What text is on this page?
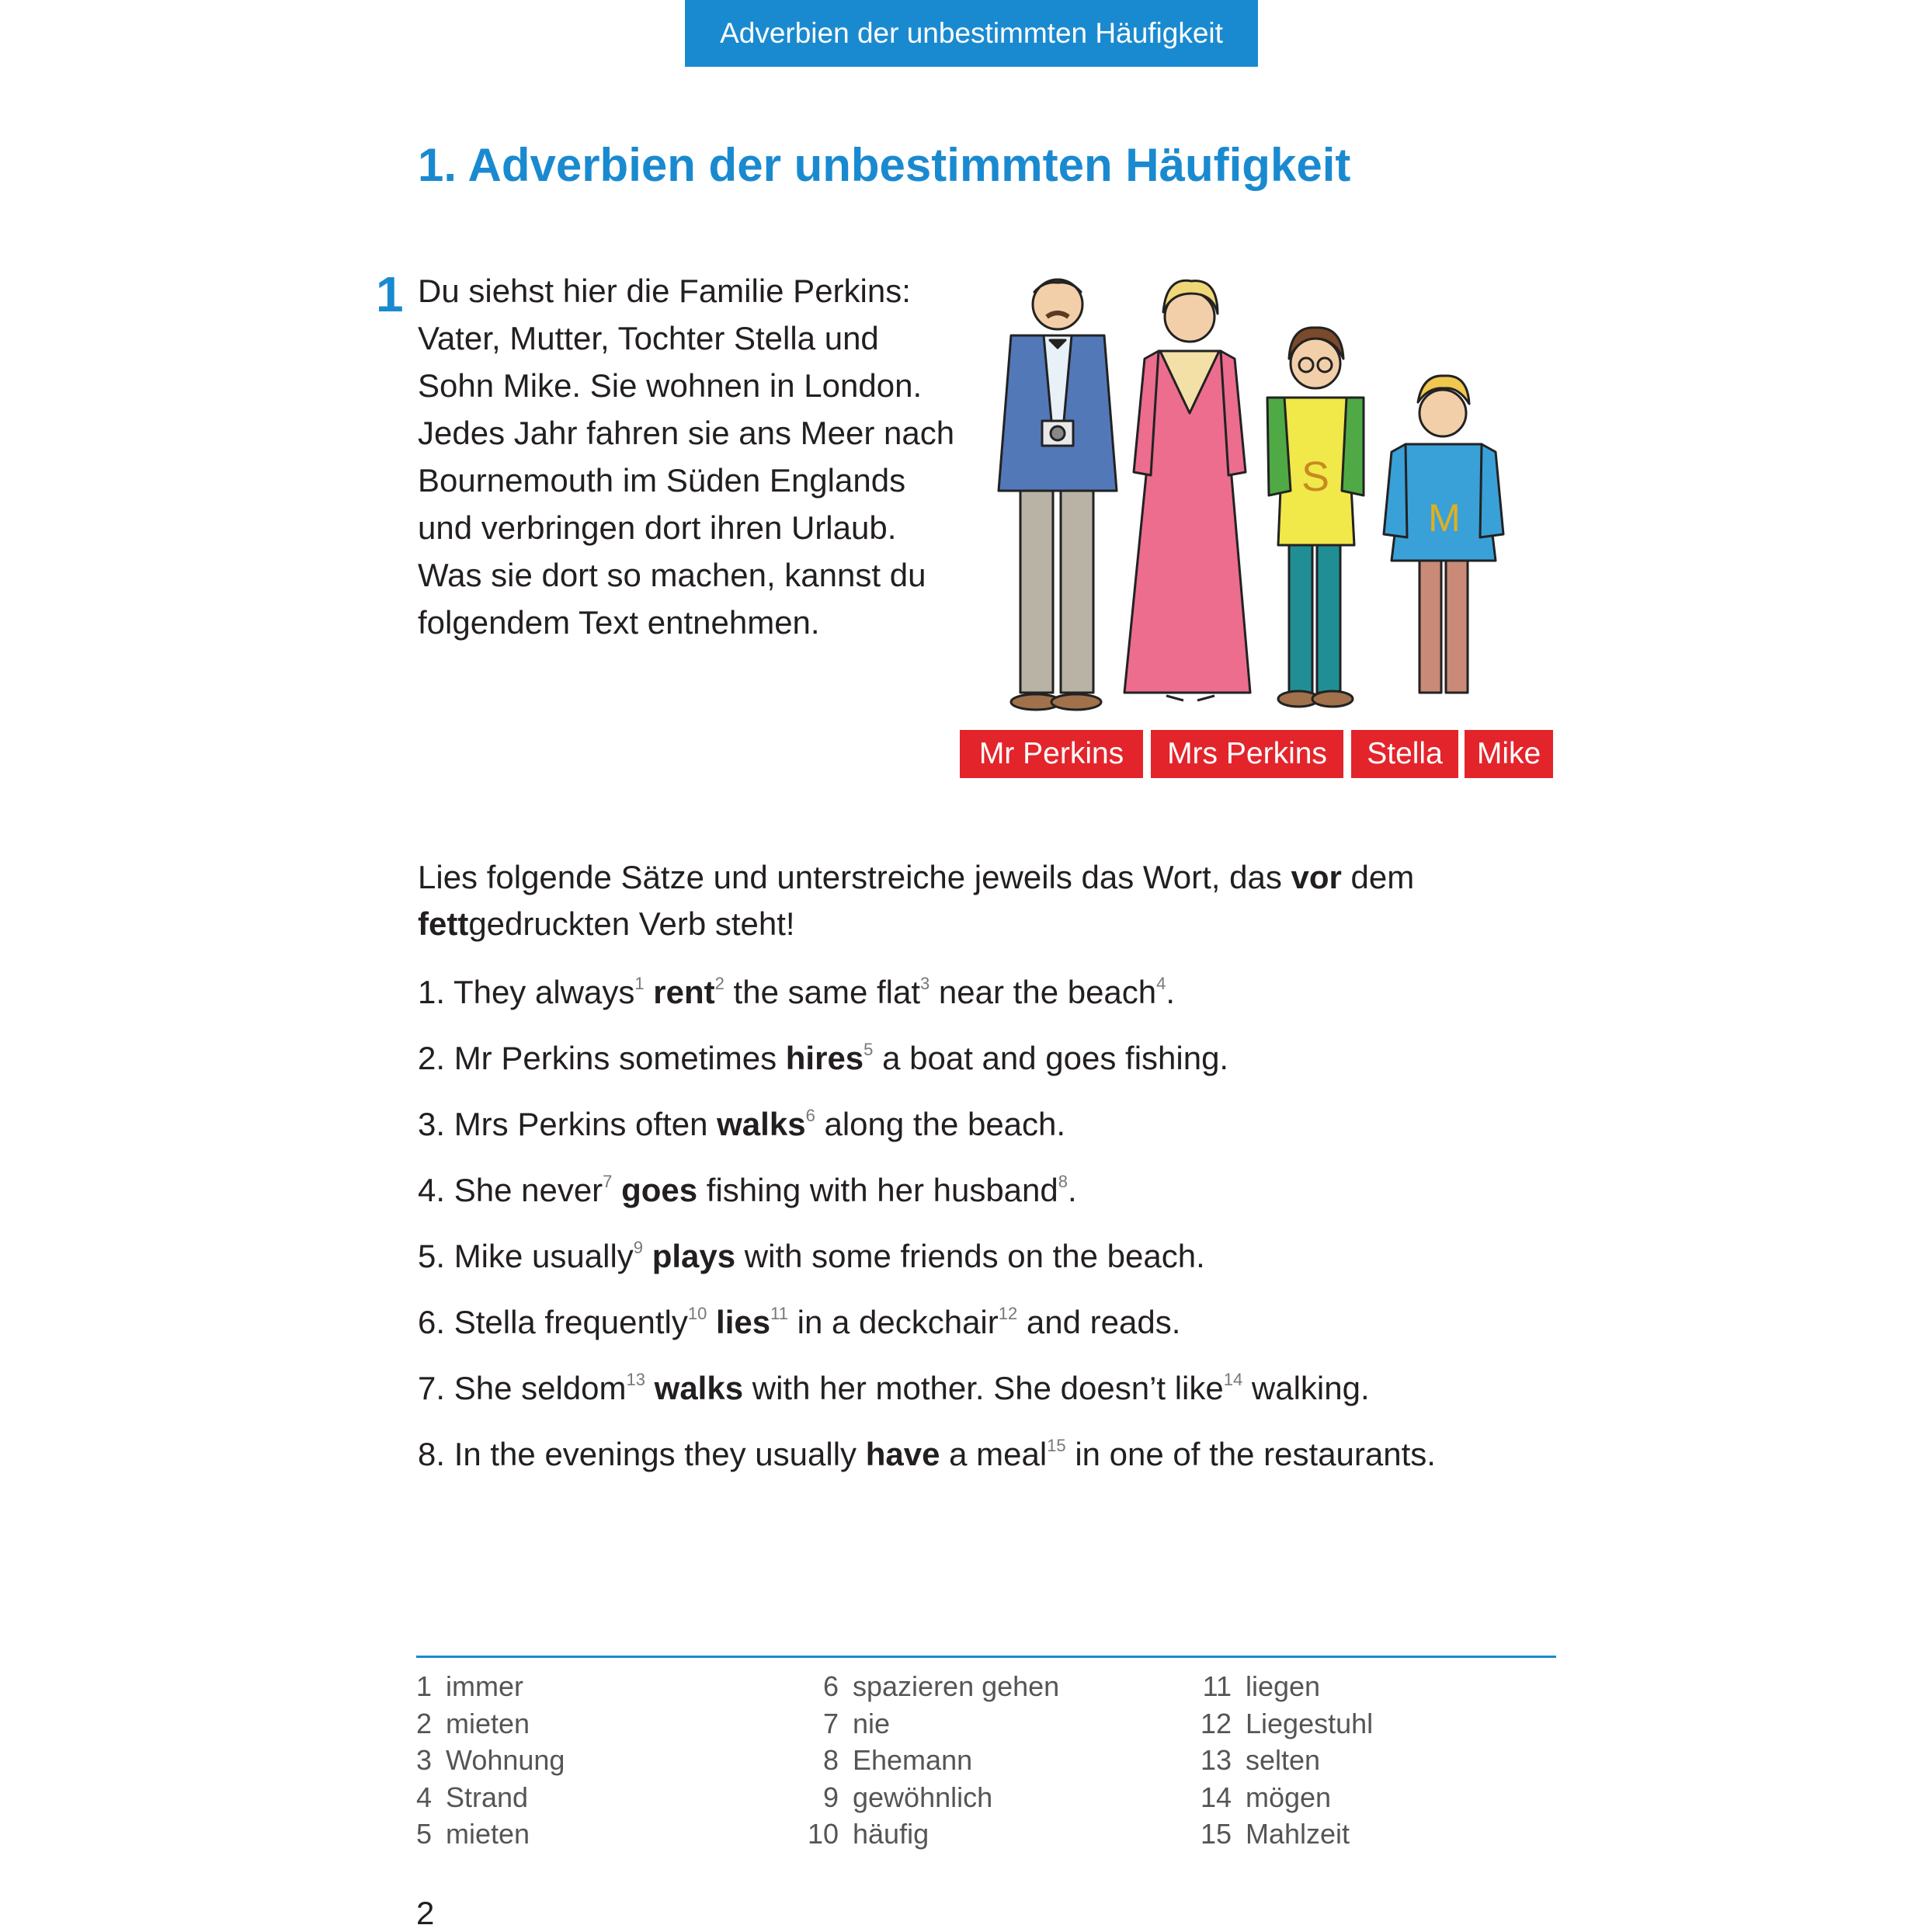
Adverbien der unbestimmten Häufigkeit
1. Adverbien der unbestimmten Häufigkeit
1 Du siehst hier die Familie Perkins:
Vater, Mutter, Tochter Stella und
Sohn Mike. Sie wohnen in London.
Jedes Jahr fahren sie ans Meer nach
Bournemouth im Süden Englands
und verbringen dort ihren Urlaub.
Was sie dort so machen, kannst du
folgendem Text entnehmen.
S
M
Mr Perkins	Mrs Perkins	Stella	Mike
Lies folgende Sätze und unterstreiche jeweils das Wort, das vor dem fettgedruckten Verb steht!
1. They always$^1$ rent$^2$ the same flat$^3$ near the beach$^4$.
2. Mr Perkins sometimes hires$^5$ a boat and goes fishing.
3. Mrs Perkins often walks$^6$ along the beach.
4. She never$^7$ goes fishing with her husband$^8$.
5. Mike usually$^9$ plays with some friends on the beach.
6. Stella frequently$^{10}$ lies$^{11}$ in a deckchair$^{12}$ and reads.
7. She seldom$^{13}$ walks with her mother. She doesn’t like$^{14}$ walking.
8. In the evenings they usually have a meal$^{15}$ in one of the restaurants.
1 immer
2 mieten
3 Wohnung
4 Strand
5 mieten
6 spazieren gehen
7 nie
8 Ehemann
9 gewöhnlich
10 häufig
11 liegen
12 Liegestuhl
13 selten
14 mögen
15 Mahlzeit
2
